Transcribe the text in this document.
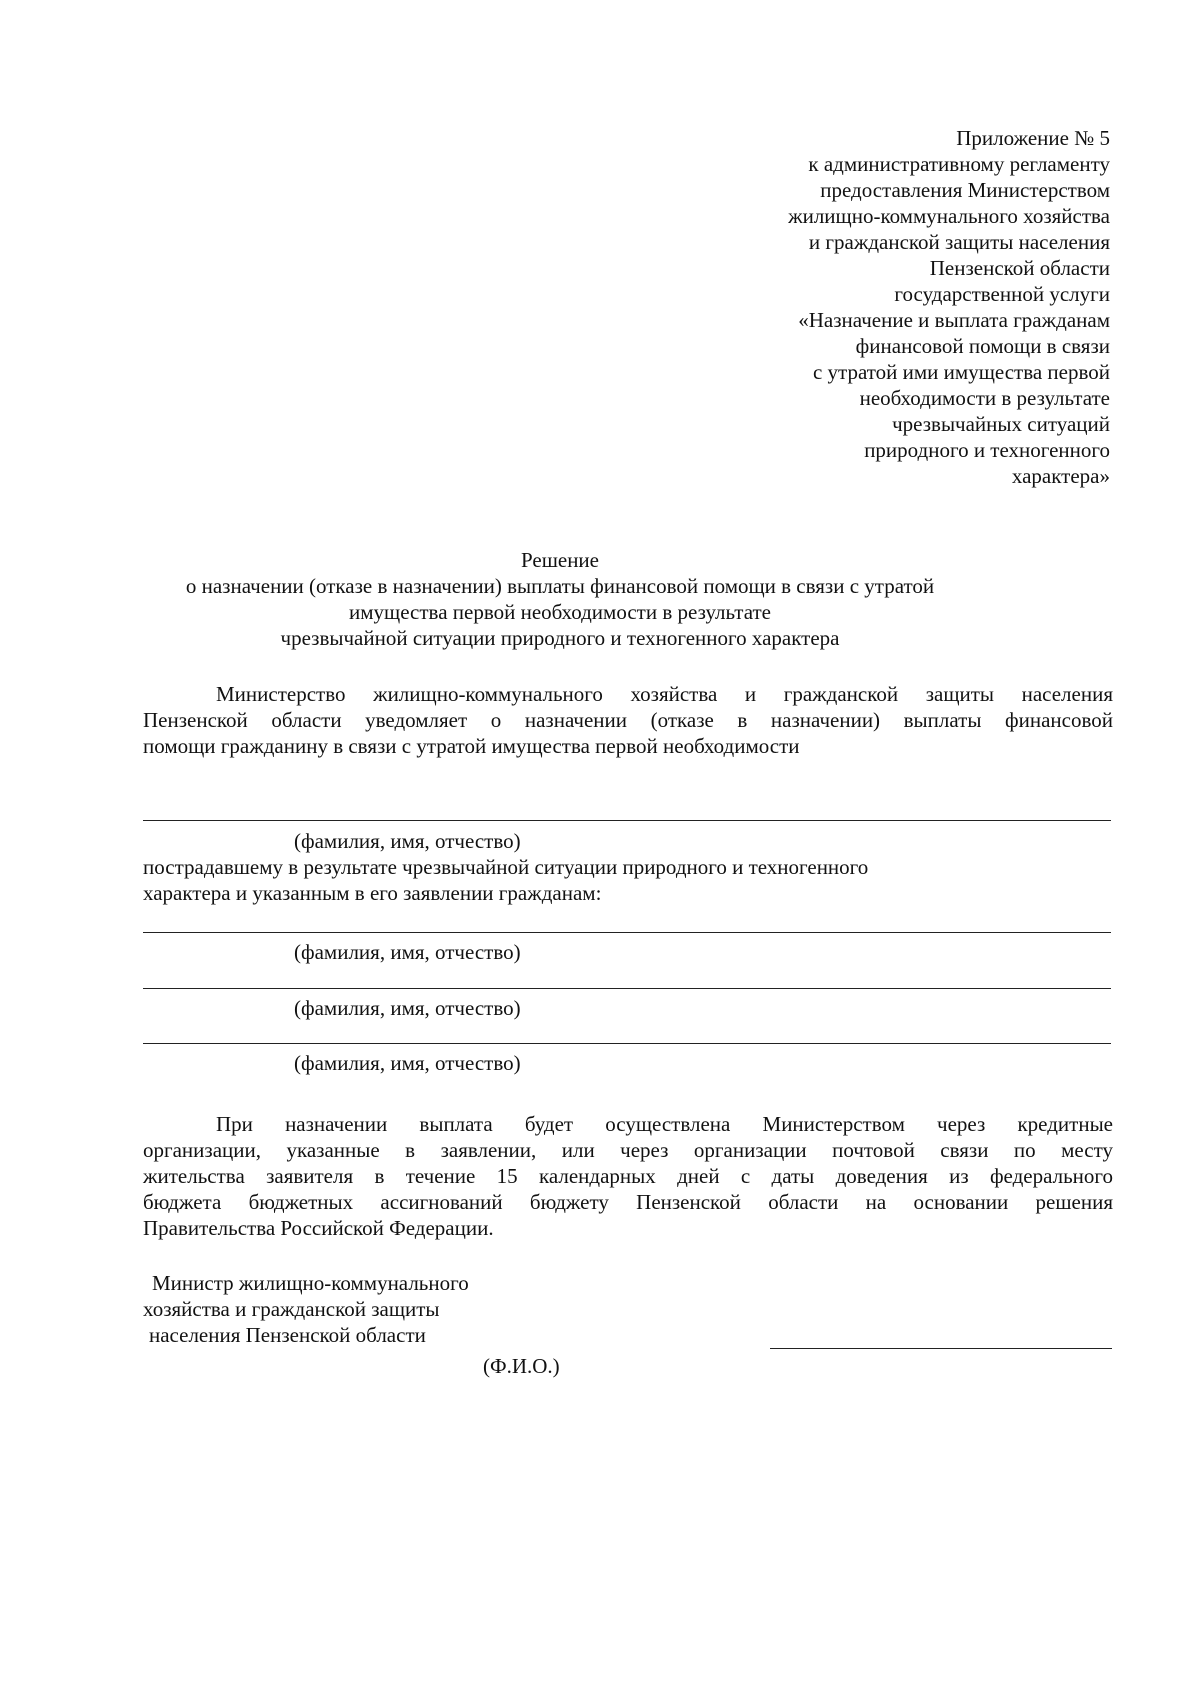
Приложение № 5
к административному регламенту
предоставления Министерством
жилищно-коммунального хозяйства
и гражданской защиты населения
Пензенской области
государственной услуги
«Назначение и выплата гражданам
финансовой помощи в связи
с утратой ими имущества первой
необходимости в результате
чрезвычайных ситуаций
природного и техногенного
характера»
Решение
о назначении (отказе в назначении) выплаты финансовой помощи в связи с утратой
имущества первой необходимости в результате
чрезвычайной ситуации природного и техногенного характера
Министерство жилищно-коммунального хозяйства и гражданской защиты населения
Пензенской области уведомляет о назначении (отказе в назначении) выплаты финансовой
помощи гражданину в связи с утратой имущества первой необходимости
(фамилия, имя, отчество)
пострадавшему в результате чрезвычайной ситуации природного и техногенного
характера и указанным в его заявлении гражданам:
(фамилия, имя, отчество)
(фамилия, имя, отчество)
(фамилия, имя, отчество)
При назначении выплата будет осуществлена Министерством через кредитные
организации, указанные в заявлении, или через организации почтовой связи по месту
жительства заявителя в течение 15 календарных дней с даты доведения из федерального
бюджета бюджетных ассигнований бюджету Пензенской области на основании решения
Правительства Российской Федерации.
Министр жилищно-коммунального
хозяйства и гражданской защиты
населения Пензенской области
(Ф.И.О.)
